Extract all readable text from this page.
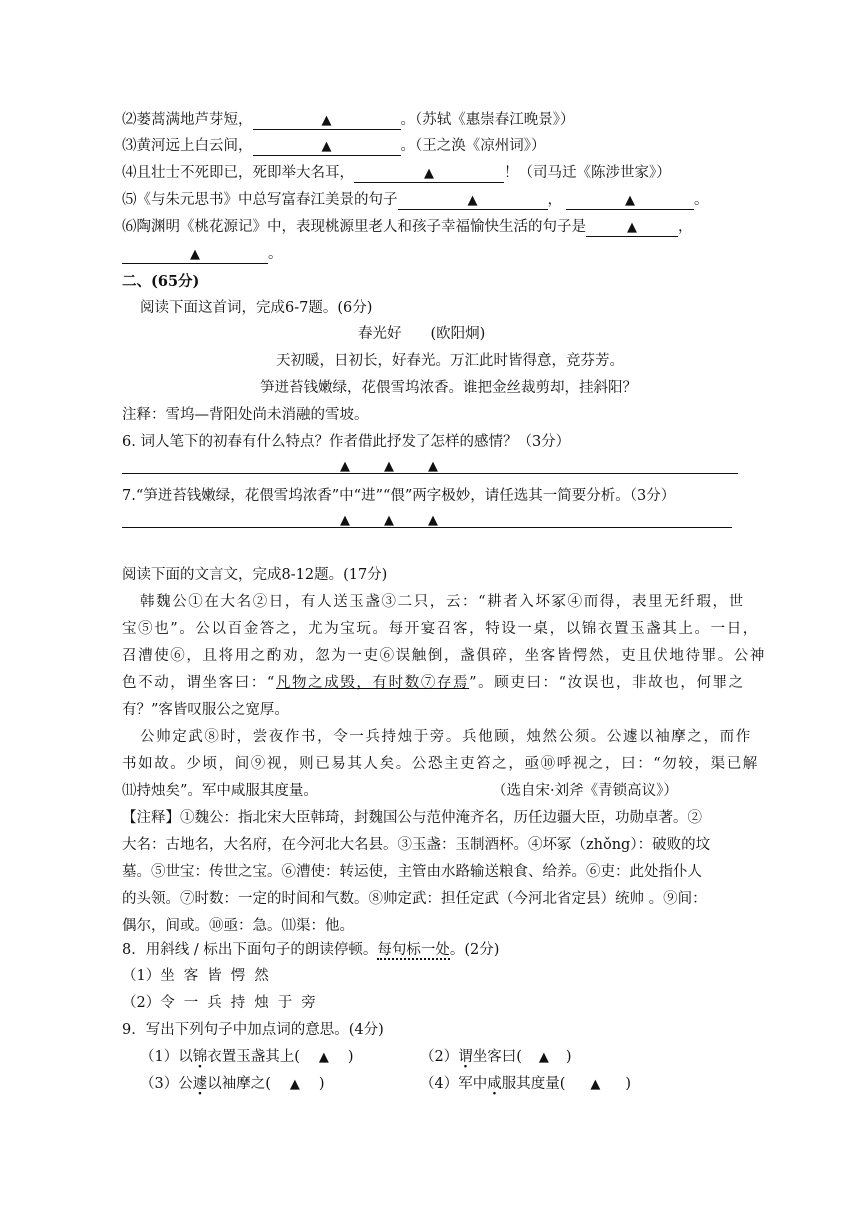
⑵蒌蒿满地芦芽短，	▲	。（苏轼《惠崇春江晚景》）
⑶黄河远上白云间，	▲	。（王之涣《凉州词》）
⑷且壮士不死即已，死即举大名耳，	▲	！（司马迁《陈涉世家》）
⑸《与朱元思书》中总写富春江美景的句子	▲	，	▲	。
⑹陶渊明《桃花源记》中，表现桃源里老人和孩子幸福愉快生活的句子是	▲	，
▲	。
二、(65分)
阅读下面这首词，完成6-7题。(6分)
春光好　　(欧阳炯)
天初暖，日初长，好春光。万汇此时皆得意，竞芬芳。
笋迸苔钱嫩绿，花偎雪坞浓香。谁把金丝裁剪却，挂斜阳？
注释：雪坞—背阳处尚未消融的雪坡。
6. 词人笔下的初春有什么特点？作者借此抒发了怎样的感情？（3分）
▲	▲	▲
7.“笋迸苔钱嫩绿，花偎雪坞浓香”中“进”“偎”两字极妙，请任选其一简要分析。（3分）
▲	▲	▲
阅读下面的文言文，完成8-12题。(17分)
韩魏公①在大名②日，有人送玉盏③二只，云：“耕者入坏冢④而得，表里无纤瑕，世
宝⑤也”。公以百金答之，尤为宝玩。每开宴召客，特设一桌，以锦衣置玉盏其上。一日，
召漕使⑥，且将用之酌劝，忽为一吏⑥误触倒，盏俱碎，坐客皆愕然，吏且伏地待罪。公神
色不动，谓坐客曰：“凡物之成毁，有时数⑦存焉”。顾吏曰：“汝误也，非故也，何罪之
有？”客皆叹服公之宽厚。
公帅定武⑧时，尝夜作书，令一兵持烛于旁。兵他顾，烛然公须。公遽以袖摩之，而作
书如故。少顷，间⑨视，则已易其人矣。公恐主吏笞之，亟⑩呼视之，曰：“勿较，渠已解
⑾持烛矣”。军中咸服其度量。	（选自宋·刘斧《青锁高议》）
【注释】①魏公：指北宋大臣韩琦，封魏国公与范仲淹齐名，历任边疆大臣，功勋卓著。②
大名：古地名，大名府，在今河北大名县。③玉盏：玉制酒杯。④坏冢（zhǒng）：破败的坟
墓。⑤世宝：传世之宝。⑥漕使：转运使，主管由水路输送粮食、给养。⑥吏：此处指仆人
的头领。⑦时数：一定的时间和气数。⑧帅定武：担任定武（今河北省定县）统帅 。⑨间：
偶尔，间或。⑩亟：急。⑾渠：他。
8．用斜线 / 标出下面句子的朗读停顿。每句标一处。(2分)
（1）坐客皆愕然
（2）令一兵持烛于旁
9．写出下列句子中加点词的意思。(4分)
（1）以锦衣置玉盏其上( ▲ )	（2）谓坐客曰( ▲ )
（3）公遽以袖摩之( ▲ )	（4）军中咸服其度量( ▲ )
